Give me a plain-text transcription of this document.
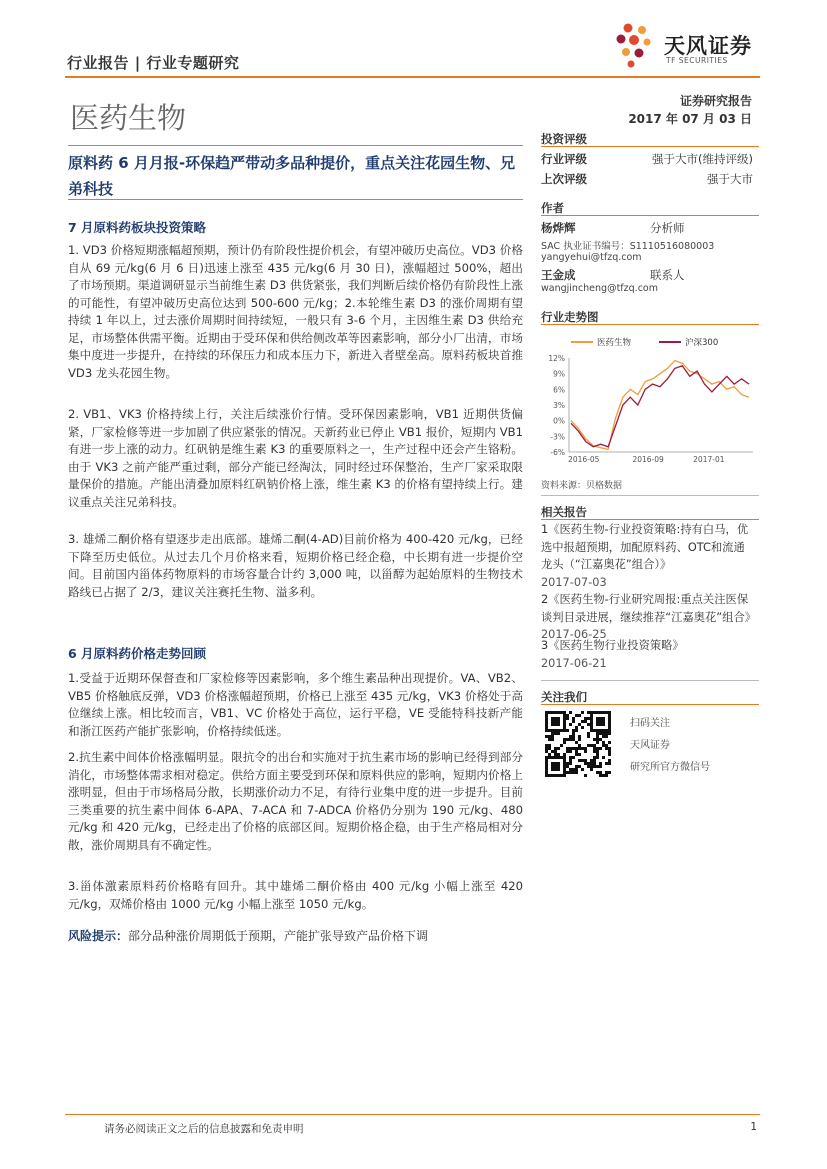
行业报告 | 行业专题研究
天风证券
TF SECURITIES
医药生物	证券研究报告
2017 年 07 月 03 日
原料药 6 月月报-环保趋严带动多品种提价，重点关注花园生物、兄弟科技
7 月原料药板块投资策略
1. VD3 价格短期涨幅超预期，预计仍有阶段性提价机会，有望冲破历史高位。VD3 价格自从 69 元/kg(6 月 6 日)迅速上涨至 435 元/kg(6 月 30 日)，涨幅超过 500%，超出了市场预期。渠道调研显示当前维生素 D3 供货紧张，我们判断后续价格仍有阶段性上涨的可能性，有望冲破历史高位达到 500-600 元/kg；2.本轮维生素 D3 的涨价周期有望持续 1 年以上，过去涨价周期时间持续短，一般只有 3-6 个月，主因维生素 D3 供给充足，市场整体供需平衡。近期由于受环保和供给侧改革等因素影响，部分小厂出清，市场集中度进一步提升，在持续的环保压力和成本压力下，新进入者壁垒高。原料药板块首推 VD3 龙头花园生物。
2. VB1、VK3 价格持续上行，关注后续涨价行情。受环保因素影响，VB1 近期供货偏紧，厂家检修等进一步加剧了供应紧张的情况。天新药业已停止 VB1 报价，短期内 VB1 有进一步上涨的动力。红矾钠是维生素 K3 的重要原料之一，生产过程中还会产生铬粉。由于 VK3 之前产能严重过剩，部分产能已经淘汰，同时经过环保整治，生产厂家采取限量保价的措施。产能出清叠加原料红矾钠价格上涨，维生素 K3 的价格有望持续上行。建议重点关注兄弟科技。
3. 雄烯二酮价格有望逐步走出底部。雄烯二酮(4-AD)目前价格为 400-420 元/kg，已经下降至历史低位。从过去几个月价格来看，短期价格已经企稳，中长期有进一步提价空间。目前国内甾体药物原料的市场容量合计约 3,000 吨，以甾醇为起始原料的生物技术路线已占据了 2/3，建议关注赛托生物、溢多利。
6 月原料药价格走势回顾
1.受益于近期环保督查和厂家检修等因素影响，多个维生素品种出现提价。VA、VB2、VB5 价格触底反弹，VD3 价格涨幅超预期，价格已上涨至 435 元/kg，VK3 价格处于高位继续上涨。相比较而言，VB1、VC 价格处于高位，运行平稳，VE 受能特科技新产能和浙江医药产能扩张影响，价格持续低迷。
2.抗生素中间体价格涨幅明显。限抗令的出台和实施对于抗生素市场的影响已经得到部分消化，市场整体需求相对稳定。供给方面主要受到环保和原料供应的影响，短期内价格上涨明显，但由于市场格局分散，长期涨价动力不足，有待行业集中度的进一步提升。目前三类重要的抗生素中间体 6-APA、7-ACA 和 7-ADCA 价格仍分别为 190 元/kg、480 元/kg 和 420 元/kg，已经走出了价格的底部区间。短期价格企稳，由于生产格局相对分散，涨价周期具有不确定性。
3.甾体激素原料药价格略有回升。其中雄烯二酮价格由 400 元/kg 小幅上涨至 420 元/kg，双烯价格由 1000 元/kg 小幅上涨至 1050 元/kg。
风险提示：部分品种涨价周期低于预期，产能扩张导致产品价格下调
投资评级
行业评级	强于大市(维持评级)
上次评级	强于大市
作者
杨烨辉	分析师
SAC 执业证书编号：S1110516080003
yangyehui@tfzq.com
王金成	联系人
wangjincheng@tfzq.com
行业走势图
12%
9%
6%
3%
0%
-3%
-6%
2016-05	2016-09	2017-01
医药生物	沪深300
资料来源：贝格数据
相关报告
1《医药生物-行业投资策略:持有白马，优选中报超预期，加配原料药、OTC和流通龙头（“江嘉奥花”组合）》
2017-07-03
2《医药生物-行业研究周报:重点关注医保谈判目录进展，继续推荐“江嘉奥花”组合》
2017-06-25
3《医药生物行业投资策略》
2017-06-21
关注我们
扫码关注
天风证券
研究所官方微信号
请务必阅读正文之后的信息披露和免责申明	1
